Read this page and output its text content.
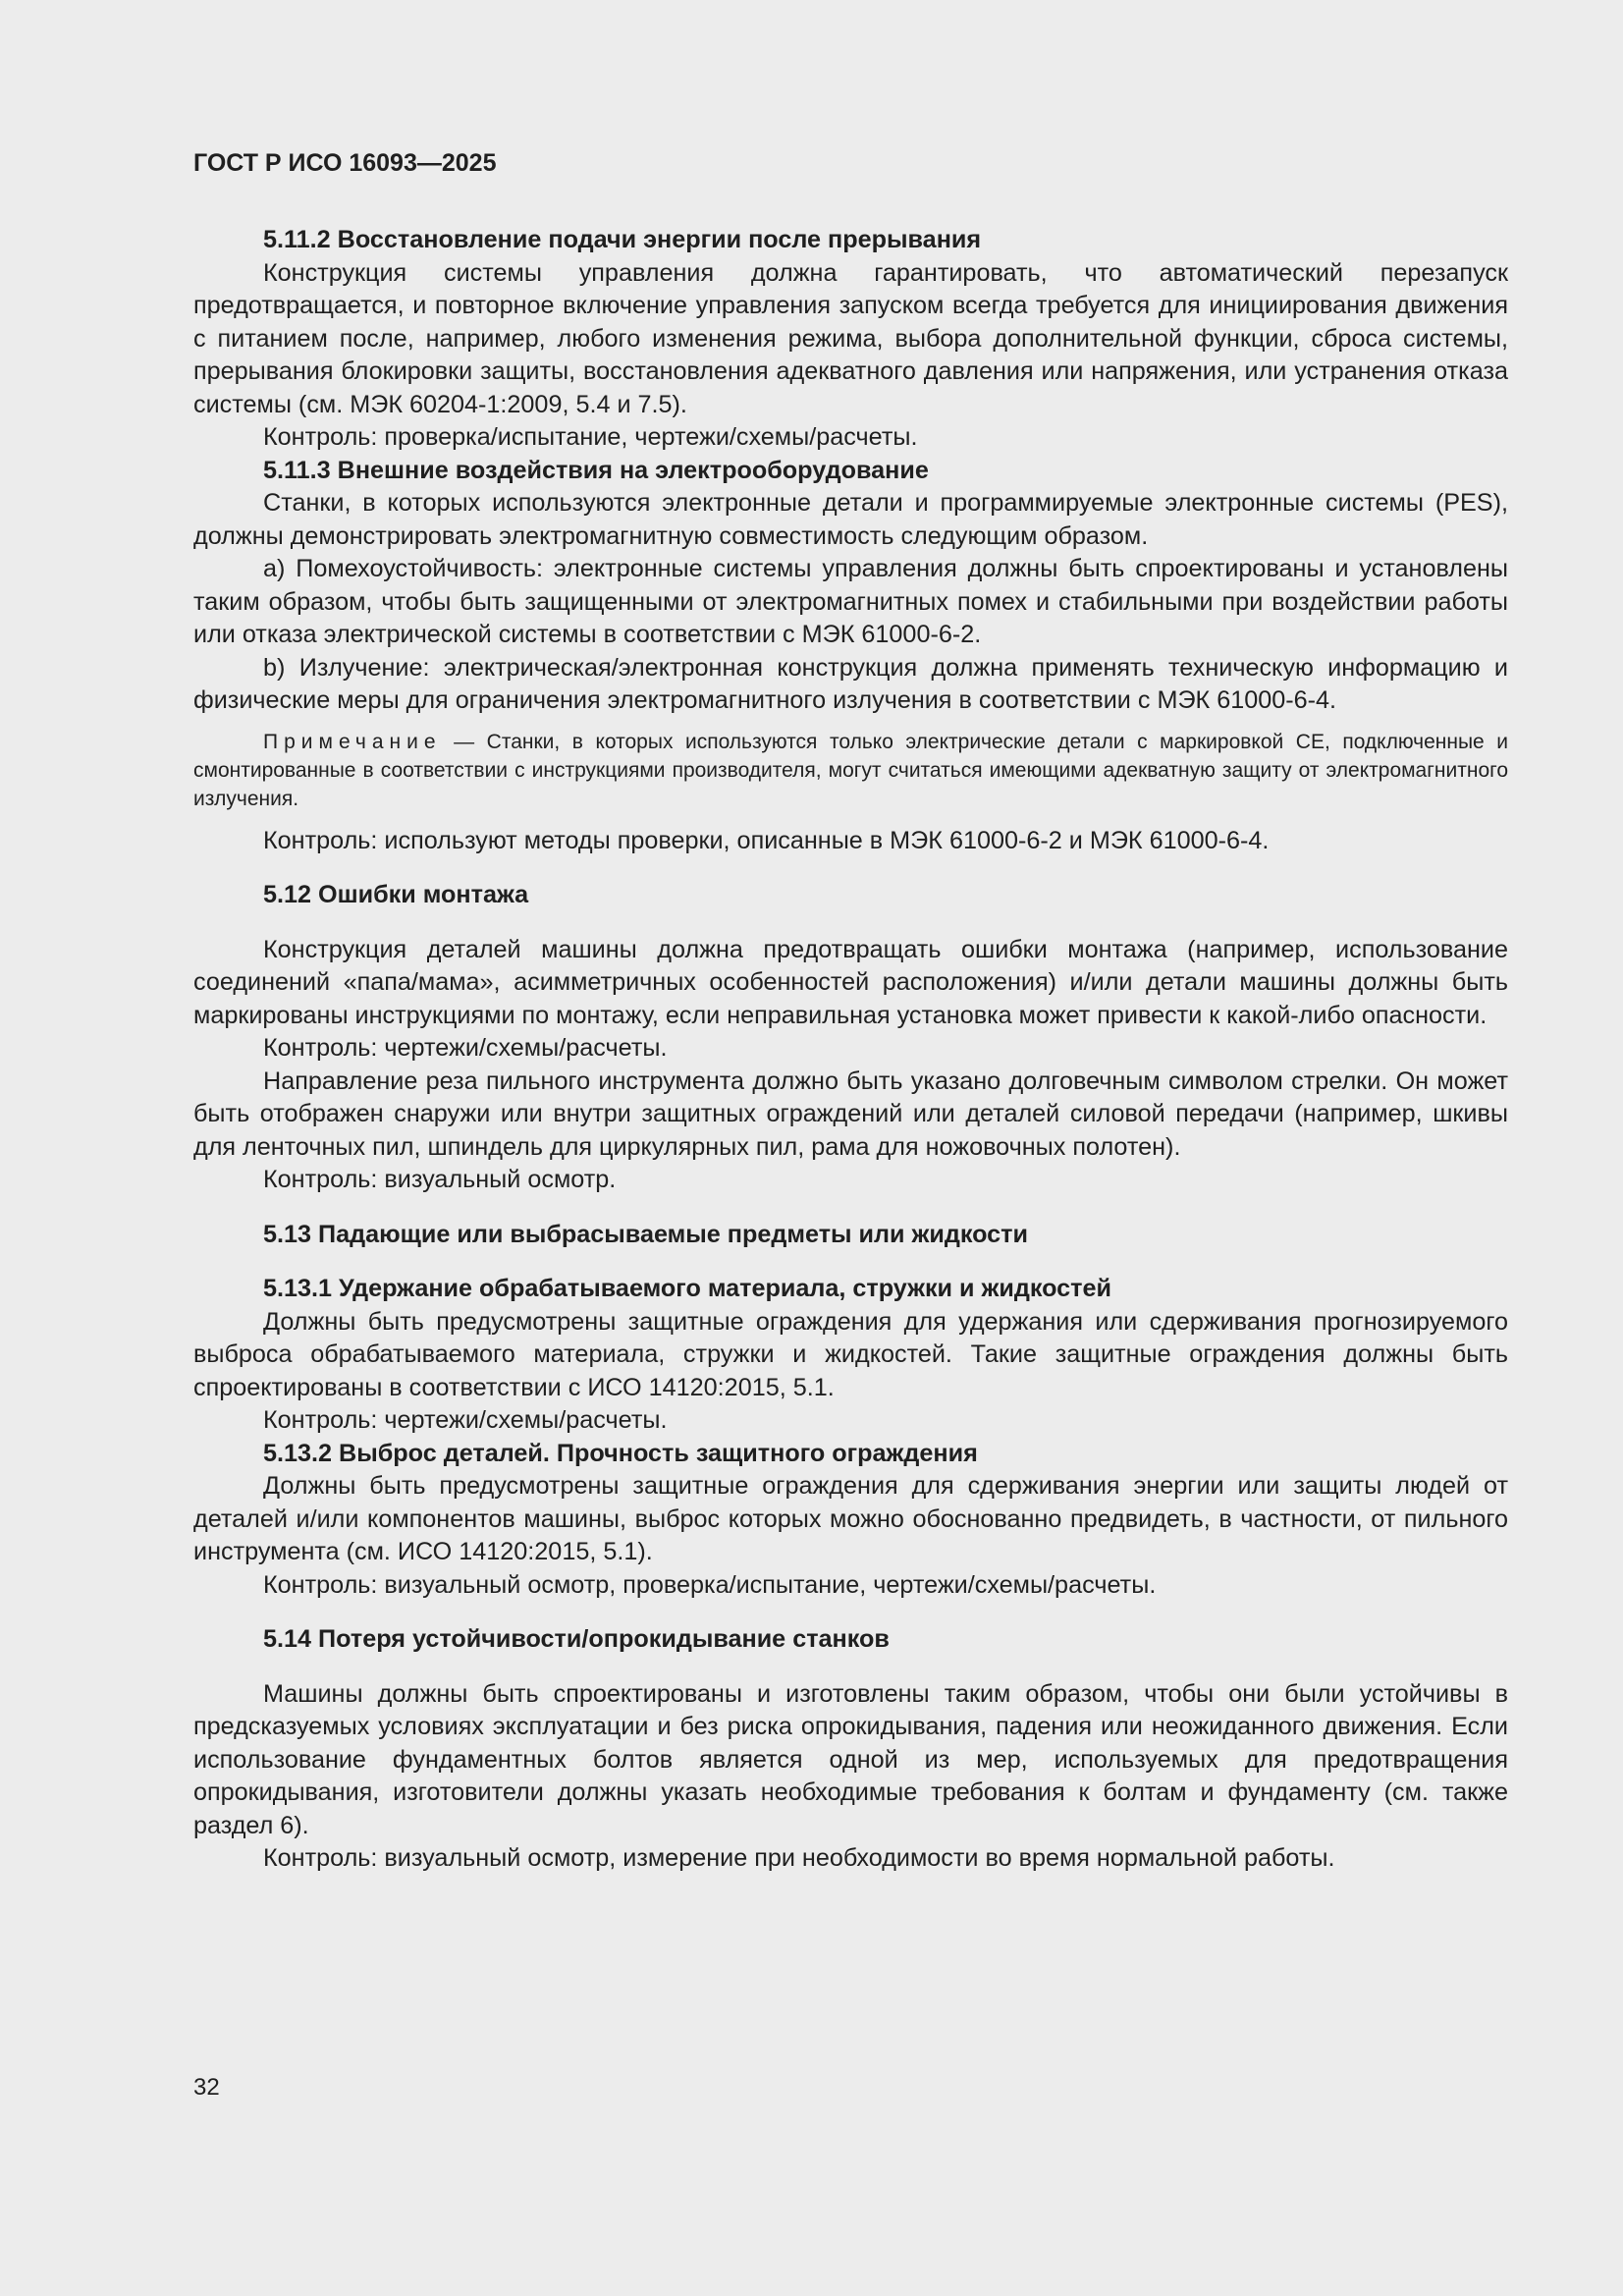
ГОСТ Р ИСО 16093—2025

5.11.2 Восстановление подачи энергии после прерывания

Конструкция системы управления должна гарантировать, что автоматический перезапуск предотвращается, и повторное включение управления запуском всегда требуется для инициирования движения с питанием после, например, любого изменения режима, выбора дополнительной функции, сброса системы, прерывания блокировки защиты, восстановления адекватного давления или напряжения, или устранения отказа системы (см. МЭК 60204-1:2009, 5.4 и 7.5).

Контроль: проверка/испытание, чертежи/схемы/расчеты.

5.11.3 Внешние воздействия на электрооборудование

Станки, в которых используются электронные детали и программируемые электронные системы (PES), должны демонстрировать электромагнитную совместимость следующим образом.

a) Помехоустойчивость: электронные системы управления должны быть спроектированы и установлены таким образом, чтобы быть защищенными от электромагнитных помех и стабильными при воздействии работы или отказа электрической системы в соответствии с МЭК 61000-6-2.

b) Излучение: электрическая/электронная конструкция должна применять техническую информацию и физические меры для ограничения электромагнитного излучения в соответствии с МЭК 61000-6-4.

Примечание — Станки, в которых используются только электрические детали с маркировкой CE, подключенные и смонтированные в соответствии с инструкциями производителя, могут считаться имеющими адекватную защиту от электромагнитного излучения.

Контроль: используют методы проверки, описанные в МЭК 61000-6-2 и МЭК 61000-6-4.

5.12 Ошибки монтажа

Конструкция деталей машины должна предотвращать ошибки монтажа (например, использование соединений «папа/мама», асимметричных особенностей расположения) и/или детали машины должны быть маркированы инструкциями по монтажу, если неправильная установка может привести к какой-либо опасности.

Контроль: чертежи/схемы/расчеты.

Направление реза пильного инструмента должно быть указано долговечным символом стрелки. Он может быть отображен снаружи или внутри защитных ограждений или деталей силовой передачи (например, шкивы для ленточных пил, шпиндель для циркулярных пил, рама для ножовочных полотен).

Контроль: визуальный осмотр.

5.13 Падающие или выбрасываемые предметы или жидкости
5.13.1 Удержание обрабатываемого материала, стружки и жидкостей

Должны быть предусмотрены защитные ограждения для удержания или сдерживания прогнозируемого выброса обрабатываемого материала, стружки и жидкостей. Такие защитные ограждения должны быть спроектированы в соответствии с ИСО 14120:2015, 5.1.

Контроль: чертежи/схемы/расчеты.

5.13.2 Выброс деталей. Прочность защитного ограждения

Должны быть предусмотрены защитные ограждения для сдерживания энергии или защиты людей от деталей и/или компонентов машины, выброс которых можно обоснованно предвидеть, в частности, от пильного инструмента (см. ИСО 14120:2015, 5.1).

Контроль: визуальный осмотр, проверка/испытание, чертежи/схемы/расчеты.

5.14 Потеря устойчивости/опрокидывание станков

Машины должны быть спроектированы и изготовлены таким образом, чтобы они были устойчивы в предсказуемых условиях эксплуатации и без риска опрокидывания, падения или неожиданного движения. Если использование фундаментных болтов является одной из мер, используемых для предотвращения опрокидывания, изготовители должны указать необходимые требования к болтам и фундаменту (см. также раздел 6).

Контроль: визуальный осмотр, измерение при необходимости во время нормальной работы.

32
